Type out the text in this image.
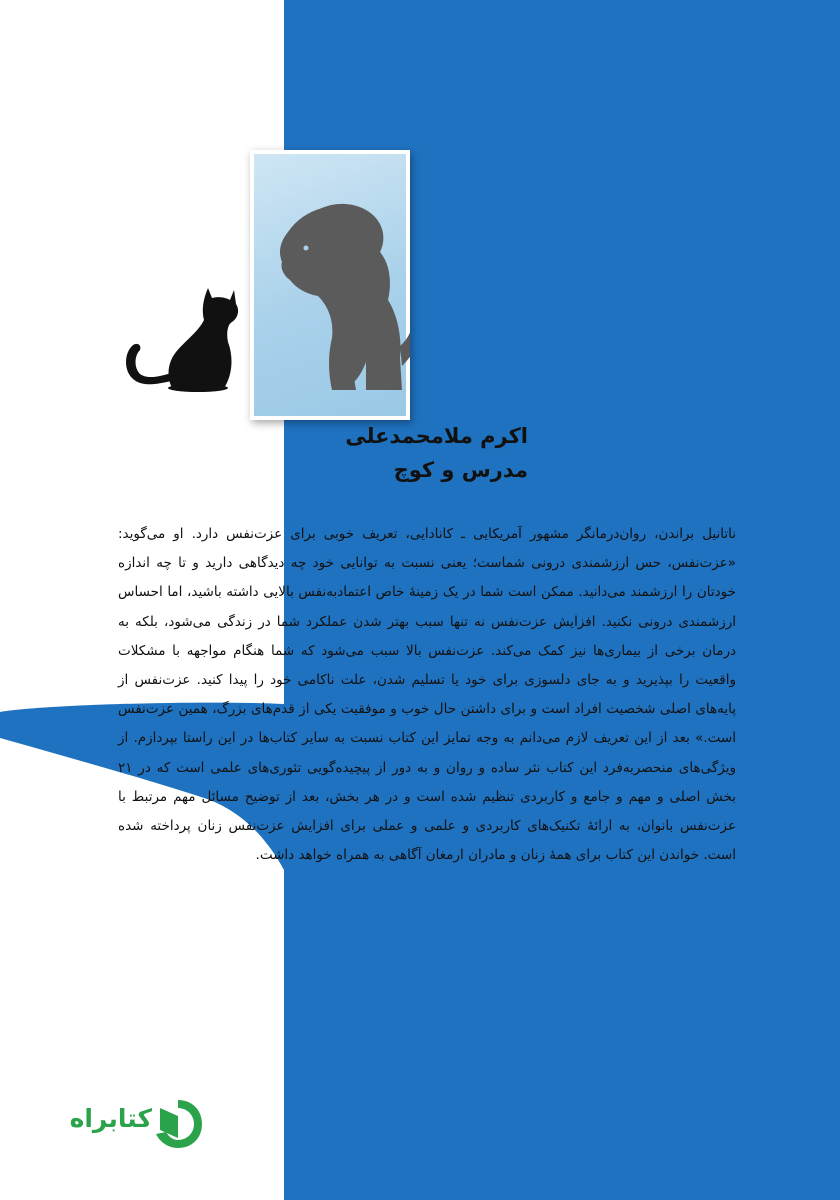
اکرم ملامحمدعلی
مدرس و کوچ

ناتانیل براندن، روان‌درمانگر مشهور آمریکایی ـ کانادایی، تعریف خوبی برای عزت‌نفس دارد. او می‌گوید: «عزت‌نفس، حس ارزشمندی درونی شماست؛ یعنی نسبت به توانایی خود چه دیدگاهی دارید و تا چه اندازه خودتان را ارزشمند می‌دانید. ممکن است شما در یک زمینهٔ خاص اعتمادبه‌نفس بالایی داشته باشید، اما احساس ارزشمندی درونی نکنید. افزایش عزت‌نفس نه تنها سبب بهتر شدن عملکرد شما در زندگی می‌شود، بلکه به درمان برخی از بیماری‌ها نیز کمک می‌کند. عزت‌نفس بالا سبب می‌شود که شما هنگام مواجهه با مشکلات واقعیت را بپذیرید و به جای دلسوزی برای خود یا تسلیم شدن، علت ناکامی خود را پیدا کنید. عزت‌نفس از پایه‌های اصلی شخصیت افراد است و برای داشتن حال خوب و موفقیت یکی از قدم‌های بزرگ، همین عزت‌نفس است.» بعد از این تعریف لازم می‌دانم به وجه تمایز این کتاب نسبت به سایر کتاب‌ها در این راستا بپردازم. از ویژگی‌های منحصربه‌فرد این کتاب نثر ساده و روان و به دور از پیچیده‌گویی تئوری‌های علمی است که در ۲۱ بخش اصلی و مهم و جامع و کاربردی تنظیم شده است و در هر بخش، بعد از توضیح مسائل مهم مرتبط با عزت‌نفس بانوان، به ارائهٔ تکنیک‌های کاربردی و علمی و عملی برای افزایش عزت‌نفس زنان پرداخته شده است. خواندن این کتاب برای همهٔ زنان و مادران ارمغان آگاهی به همراه خواهد داشت.

کتابراه
